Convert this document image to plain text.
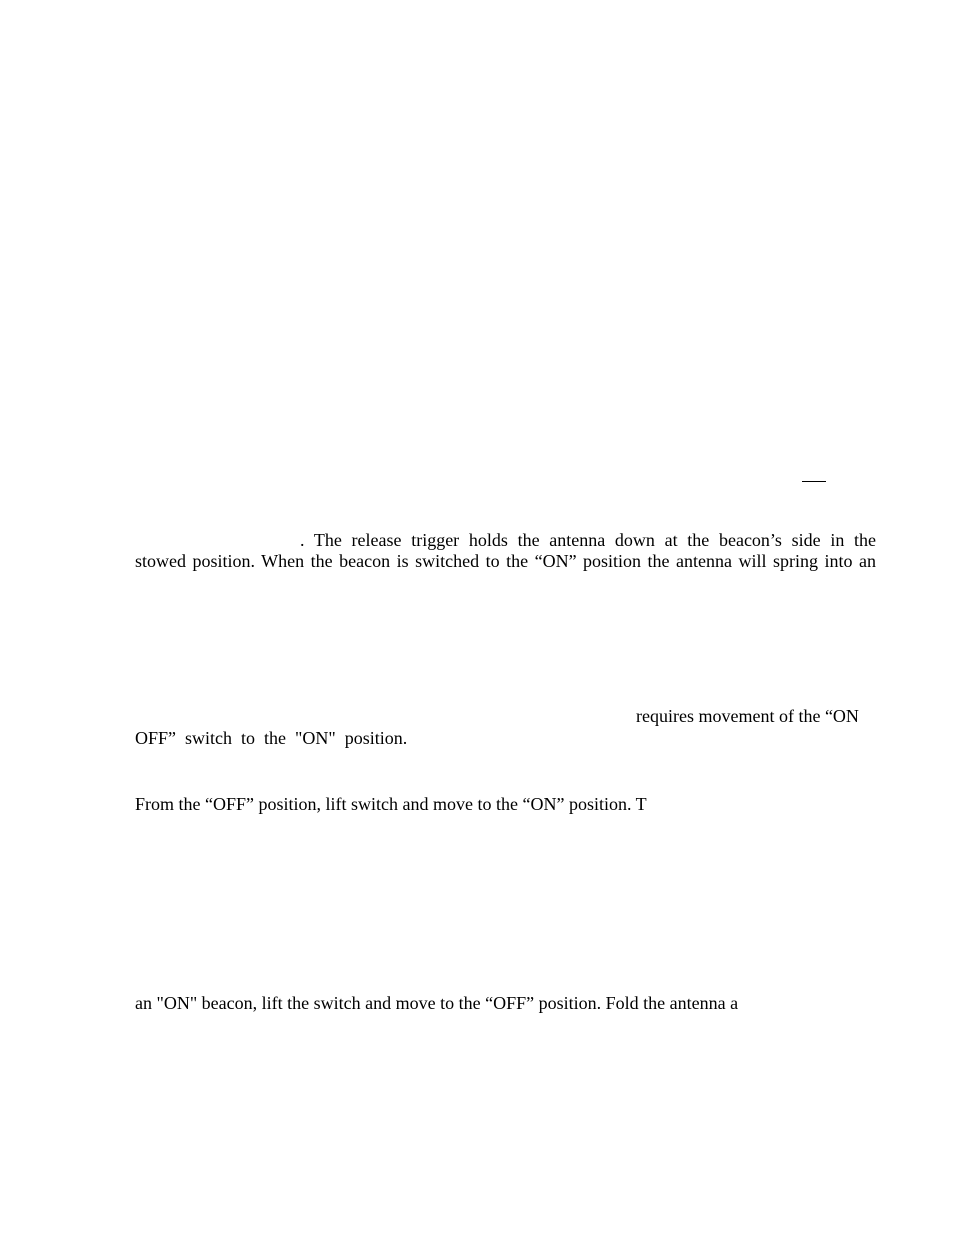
. The release trigger holds the antenna down at the beacon’s side in the
stowed position. When the beacon is switched to the “ON” position the antenna will spring into an
requires movement of the “ON
OFF”  switch  to  the  "ON"  position.
From the “OFF” position, lift switch and move to the “ON” position. T
an "ON" beacon, lift the switch and move to the “OFF” position. Fold the antenna a
